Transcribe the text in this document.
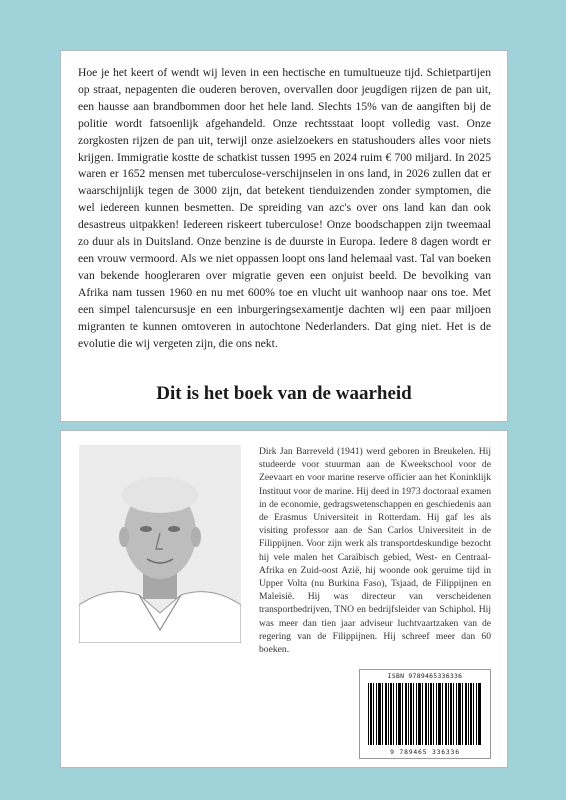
Hoe je het keert of wendt wij leven in een hectische en tumultueuze tijd. Schietpartijen op straat, nepagenten die ouderen beroven, overvallen door jeugdigen rijzen de pan uit, een hausse aan brandbommen door het hele land. Slechts 15% van de aangiften bij de politie wordt fatsoenlijk afgehandeld. Onze rechtsstaat loopt volledig vast. Onze zorgkosten rijzen de pan uit, terwijl onze asielzoekers en statushouders alles voor niets krijgen. Immigratie kostte de schatkist tussen 1995 en 2024 ruim € 700 miljard. In 2025 waren er 1652 mensen met tuberculose-verschijnselen in ons land, in 2026 zullen dat er waarschijnlijk tegen de 3000 zijn, dat betekent tienduizenden zonder symptomen, die wel iedereen kunnen besmetten. De spreiding van azc's over ons land kan dan ook desastreus uitpakken! Iedereen riskeert tuberculose! Onze boodschappen zijn tweemaal zo duur als in Duitsland. Onze benzine is de duurste in Europa. Iedere 8 dagen wordt er een vrouw vermoord. Als we niet oppassen loopt ons land helemaal vast. Tal van boeken van bekende hoogleraren over migratie geven een onjuist beeld. De bevolking van Afrika nam tussen 1960 en nu met 600% toe en vlucht uit wanhoop naar ons toe. Met een simpel talencursusje en een inburgeringsexamentje dachten wij een paar miljoen migranten te kunnen omtoveren in autochtone Nederlanders. Dat ging niet. Het is de evolutie die wij vergeten zijn, die ons nekt.

Dit is het boek van de waarheid

Dirk Jan Barreveld (1941) werd geboren in Breukelen. Hij studeerde voor stuurman aan de Kweekschool voor de Zeevaart en voor marine reserve officier aan het Koninklijk Instituut voor de marine. Hij deed in 1973 doctoraal examen in de economie, gedragswetenschappen en geschiedenis aan de Erasmus Universiteit in Rotterdam. Hij gaf les als visiting professor aan de San Carlos Universiteit in de Filippijnen. Voor zijn werk als transportdeskundige bezocht hij vele malen het Caraïbisch gebied, West- en Centraal-Afrika en Zuid-oost Azië, hij woonde ook geruime tijd in Upper Volta (nu Burkina Faso), Tsjaad, de Filippijnen en Maleisië. Hij was directeur van verscheidenen transportbedrijven, TNO en bedrijfsleider van Schiphol. Hij was meer dan tien jaar adviseur luchtvaartzaken van de regering van de Filippijnen. Hij schreef meer dan 60 boeken.

ISBN 9789465336336
9 789465 336336
